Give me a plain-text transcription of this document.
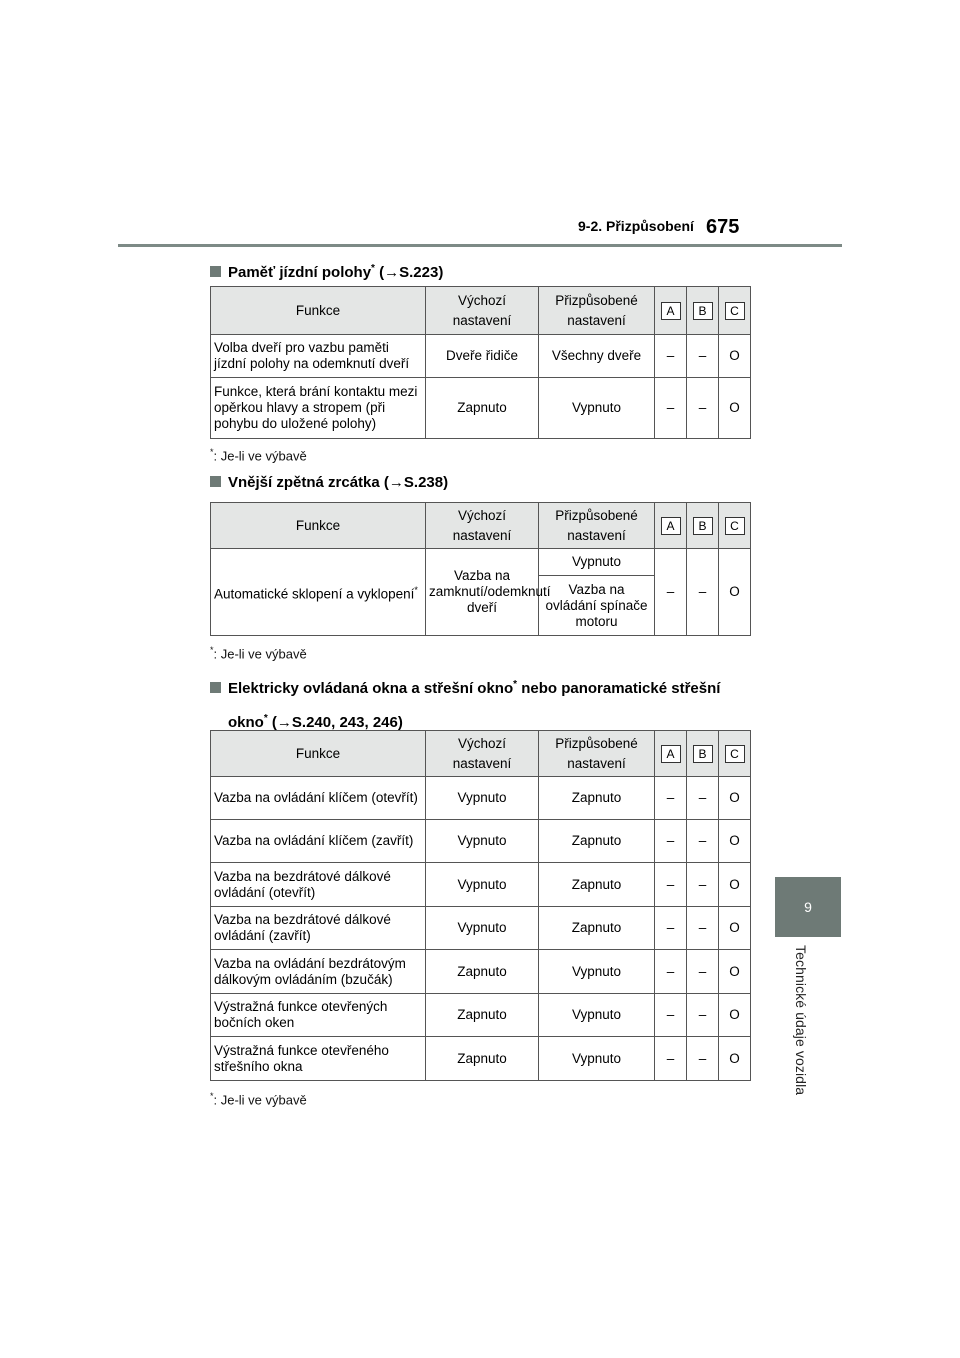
9-2. Přizpůsobení 675
9
Technické údaje vozidla
Paměť jízdní polohy* (→S.223)
Funkce	Výchozí nastavení	Přizpůsobené nastavení	A	B	C
Volba dveří pro vazbu paměti jízdní polohy na odemknutí dveří	Dveře řidiče	Všechny dveře	–	–	O
Funkce, která brání kontaktu mezi opěrkou hlavy a stropem (při pohybu do uložené polohy)	Zapnuto	Vypnuto	–	–	O
*: Je-li ve výbavě
Vnější zpětná zrcátka (→S.238)
Funkce	Výchozí nastavení	Přizpůsobené nastavení	A	B	C
Automatické sklopení a vyklopení*	Vazba na zamknutí/odemknutí dveří	Vypnuto	–	–	O
		Vazba na ovládání spínače motoru			
*: Je-li ve výbavě
Elektricky ovládaná okna a střešní okno* nebo panoramatické střešní
okno* (→S.240, 243, 246)
Funkce	Výchozí nastavení	Přizpůsobené nastavení	A	B	C
Vazba na ovládání klíčem (otevřít)	Vypnuto	Zapnuto	–	–	O
Vazba na ovládání klíčem (zavřít)	Vypnuto	Zapnuto	–	–	O
Vazba na bezdrátové dálkové ovládání (otevřít)	Vypnuto	Zapnuto	–	–	O
Vazba na bezdrátové dálkové ovládání (zavřít)	Vypnuto	Zapnuto	–	–	O
Vazba na ovládání bezdrátovým dálkovým ovládáním (bzučák)	Zapnuto	Vypnuto	–	–	O
Výstražná funkce otevřených bočních oken	Zapnuto	Vypnuto	–	–	O
Výstražná funkce otevřeného střešního okna	Zapnuto	Vypnuto	–	–	O
*: Je-li ve výbavě
